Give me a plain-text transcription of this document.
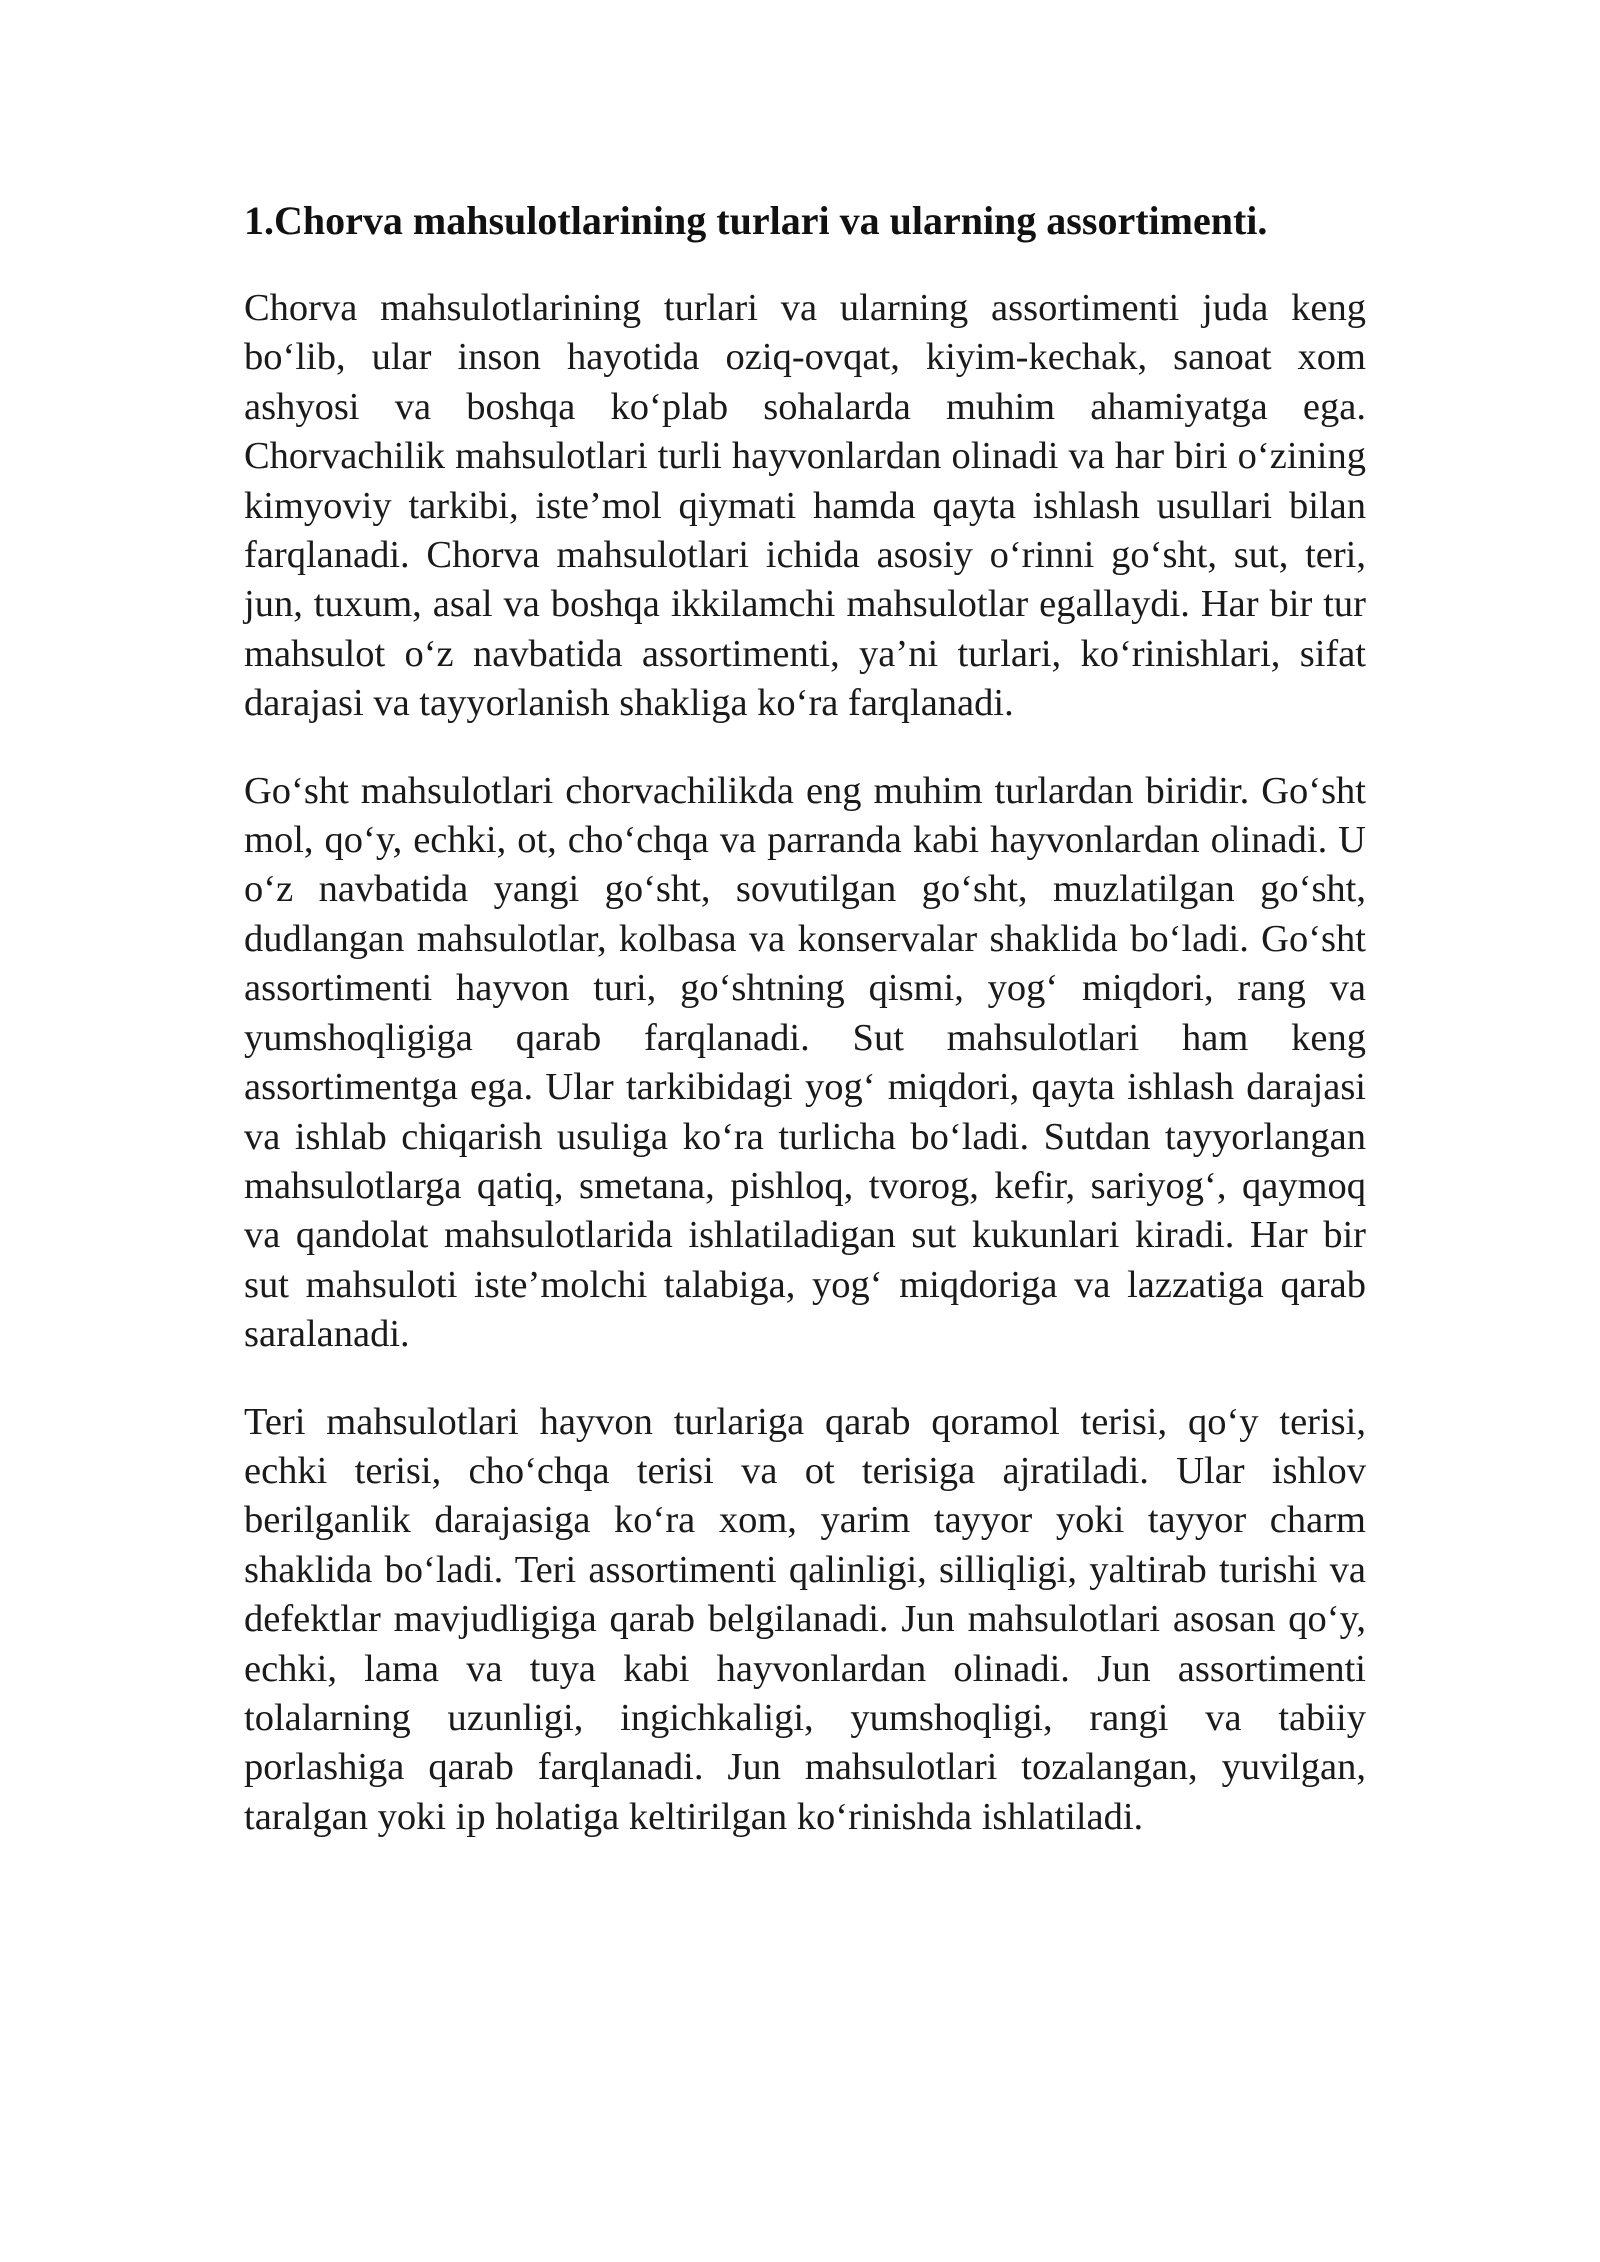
1.Chorva mahsulotlarining turlari va ularning assortimenti.

Chorva mahsulotlarining turlari va ularning assortimenti juda keng bo‘lib, ular inson hayotida oziq-ovqat, kiyim-kechak, sanoat xom ashyosi va boshqa ko‘plab sohalarda muhim ahamiyatga ega. Chorvachilik mahsulotlari turli hayvonlardan olinadi va har biri o‘zining kimyoviy tarkibi, iste’mol qiymati hamda qayta ishlash usullari bilan farqlanadi. Chorva mahsulotlari ichida asosiy o‘rinni go‘sht, sut, teri, jun, tuxum, asal va boshqa ikkilamchi mahsulotlar egallaydi. Har bir tur mahsulot o‘z navbatida assortimenti, ya’ni turlari, ko‘rinishlari, sifat darajasi va tayyorlanish shakliga ko‘ra farqlanadi.

Go‘sht mahsulotlari chorvachilikda eng muhim turlardan biridir. Go‘sht mol, qo‘y, echki, ot, cho‘chqa va parranda kabi hayvonlardan olinadi. U o‘z navbatida yangi go‘sht, sovutilgan go‘sht, muzlatilgan go‘sht, dudlangan mahsulotlar, kolbasa va konservalar shaklida bo‘ladi. Go‘sht assortimenti hayvon turi, go‘shtning qismi, yog‘ miqdori, rang va yumshoqligiga qarab farqlanadi. Sut mahsulotlari ham keng assortimentga ega. Ular tarkibidagi yog‘ miqdori, qayta ishlash darajasi va ishlab chiqarish usuliga ko‘ra turlicha bo‘ladi. Sutdan tayyorlangan mahsulotlarga qatiq, smetana, pishloq, tvorog, kefir, sariyog‘, qaymoq va qandolat mahsulotlarida ishlatiladigan sut kukunlari kiradi. Har bir sut mahsuloti iste’molchi talabiga, yog‘ miqdoriga va lazzatiga qarab saralanadi.

Teri mahsulotlari hayvon turlariga qarab qoramol terisi, qo‘y terisi, echki terisi, cho‘chqa terisi va ot terisiga ajratiladi. Ular ishlov berilganlik darajasiga ko‘ra xom, yarim tayyor yoki tayyor charm shaklida bo‘ladi. Teri assortimenti qalinligi, silliqligi, yaltirab turishi va defektlar mavjudligiga qarab belgilanadi. Jun mahsulotlari asosan qo‘y, echki, lama va tuya kabi hayvonlardan olinadi. Jun assortimenti tolalarning uzunligi, ingichkaligi, yumshoqligi, rangi va tabiiy porlashiga qarab farqlanadi. Jun mahsulotlari tozalangan, yuvilgan, taralgan yoki ip holatiga keltirilgan ko‘rinishda ishlatiladi.
